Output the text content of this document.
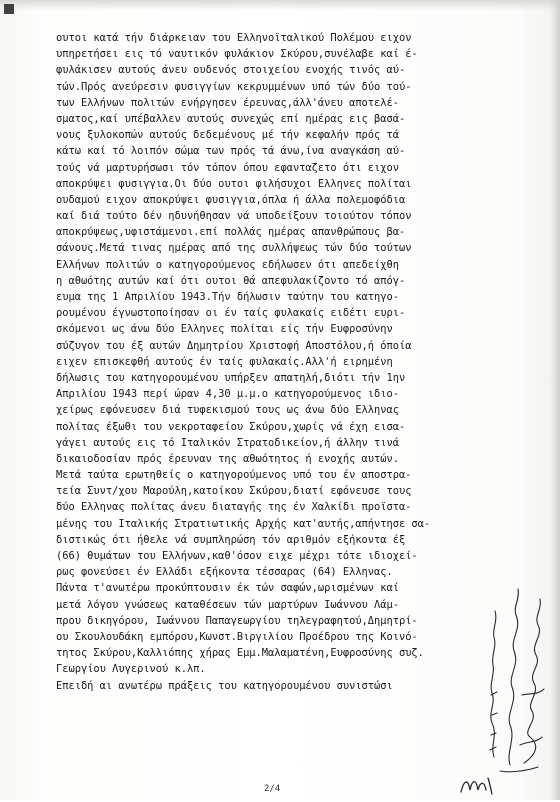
ουτοι κατά τήν διάρκειαν του Ελληνοϊταλικού Πολέμου ειχον
υπηρετήσει εις τό ναυτικόν φυλάκιον Σκύρου,συνέλαβε καί έ-
φυλάκισεν αυτούς άνευ ουδενός στοιχείου ενοχής τινός αύ-
τών.Πρός ανεύρεσιν φυσιγγίων κεκρυμμένων υπό τών δύο τού-
των Ελλήνων πολιτών ενήργησεν έρευνας,άλλ'άνευ αποτελέ-
σματος,καί υπέβαλλεν αυτούς συνεχώς επί ημέρας εις βασά-
νους ξυλοκοπών αυτούς δεδεμένους μέ τήν κεφαλήν πρός τά
κάτω καί τό λοιπόν σώμα των πρός τά άνω,ίνα αναγκάση αύ-
τούς νά μαρτυρήσωσι τόν τόπον όπου εφανταζετο ότι ειχον
αποκρύψει φυσιγγια.Οι δύο ουτοι φιλήσυχοι Ελληνες πολίται
ουδαμού ειχον αποκρύψει φυσιγγια,όπλα ή άλλα πολεμοφόδια
καί διά τούτο δέν ηδυνήθησαν νά υποδείξουν τοιούτον τόπον
αποκρύψεως,υφιστάμενοι.επί πολλάς ημέρας απανθρώπους βα-
σάνους.Μετά τινας ημέρας από της συλλήψεως τών δύο τούτων
Ελλήνων πολιτών ο κατηγορούμενος εδήλωσεν ότι απεδείχθη
η αθωότης αυτών καί ότι ουτοι θά απεφυλακίζοντο τό απόγ-
ευμα της 1 Απριλίου 1943.Τήν δήλωσιν ταύτην του κατηγο-
ρουμένου έγνωστοποίησαν οι έν ταίς φυλακαίς ειδέτι ευρι-
σκόμενοι ως άνω δύο Ελληνες πολίται είς τήν Ευφροσύνην
σύζυγον του έξ αυτών Δημητρίου Χριστοφή Αποστόλου,ή όποία
ειχεν επισκεφθή αυτούς έν ταίς φυλακαίς.Αλλ'ή ειρημένη
δήλωσις του κατηγορουμένου υπήρξεν απατηλή,διότι τήν 1ην
Απριλίου 1943 περί ώραν 4,30 μ.μ.ο κατηγορούμενος ιδιο-
χείρως εφόνευσεν διά τυφεκισμού τους ως άνω δύο Ελληνας
πολίτας έξωθι του νεκροταφείου Σκύρου,χωρίς νά έχη εισα-
γάγει αυτούς εις τό Ιταλικόν Στρατοδικείον,ή άλλην τινά
δικαιοδοσίαν πρός έρευναν της αθωότητος ή ενοχής αυτών.
Μετά ταύτα ερωτηθείς ο κατηγορούμενος υπό του έν αποστρα-
τεία Συντ/χου Μαρούλη,κατοίκου Σκύρου,διατί εφόνευσε τους
δύο Ελληνας πολίτας άνευ διαταγής της έν Χαλκίδι προϊστα-
μένης του Ιταλικής Στρατιωτικής Αρχής κατ'αυτής,απήντησε σα-
διστικώς ότι ήθελε νά συμπληρώση τόν αριθμόν εξήκοντα έξ
(66) θυμάτων του Ελλήνων,καθ'όσον ειχε μέχρι τότε ιδιοχεί-
ρως φονεύσει έν Ελλάδι εξήκοντα τέσσαρας (64) Ελληνας.
Πάντα τ'ανωτέρω προκύπτουσιν έκ τών σαφών,ωρισμένων καί
μετά λόγου γνώσεως καταθέσεων τών μαρτύρων Ιωάννου Λάμ-
πρου δικηγόρου, Ιωάννου Παπαγεωργίου τηλεγραφητού,Δημητρί-
ου Σκουλουδάκη εμπόρου,Κωνστ.Βιργιλίου Προέδρου της Κοινό-
τητος Σκύρου,Καλλιόπης χήρας Εμμ.Μαλαματένη,Ευφροσύνης συζ.
Γεωργίου Λυγερινού κ.λπ.
Επειδή αι ανωτέρω πράξεις του κατηγορουμένου συνιστώσι
2/4
